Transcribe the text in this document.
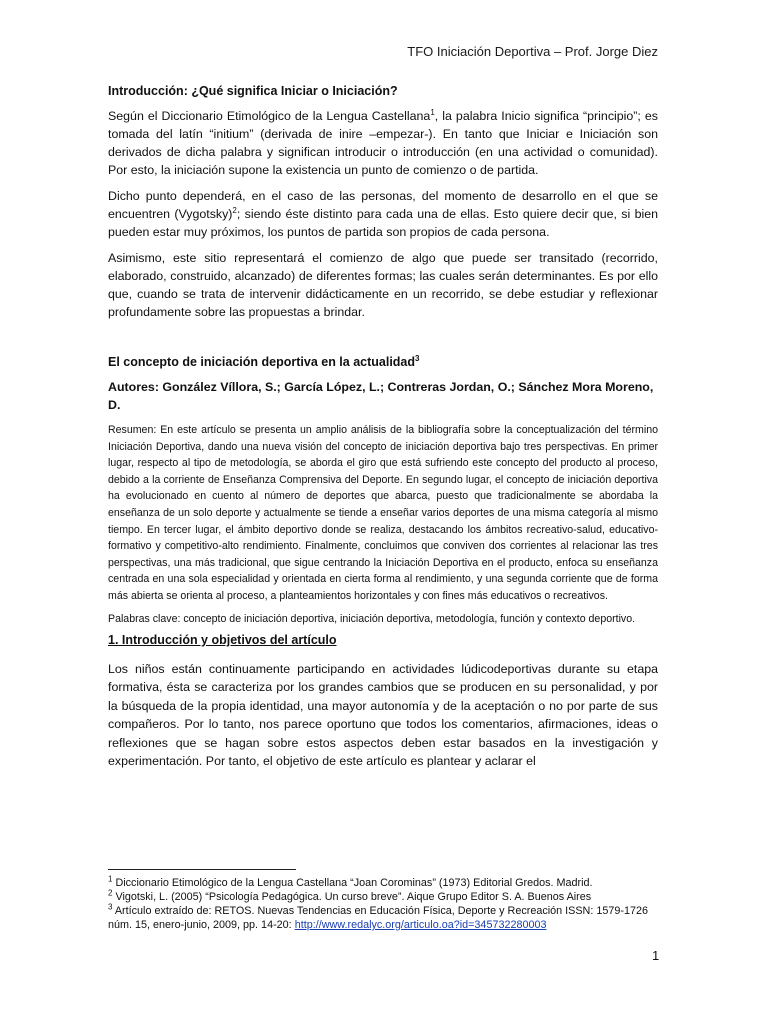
TFO Iniciación Deportiva – Prof. Jorge Diez
Introducción: ¿Qué significa Iniciar o Iniciación?

Según el Diccionario Etimológico de la Lengua Castellana$^1$, la palabra Inicio significa “principio”; es tomada del latín “initium” (derivada de inire –empezar-). En tanto que Iniciar e Iniciación son derivados de dicha palabra y significan introducir o introducción (en una actividad o comunidad). Por esto, la iniciación supone la existencia un punto de comienzo o de partida.

Dicho punto dependerá, en el caso de las personas, del momento de desarrollo en el que se encuentren (Vygotsky)$^2$; siendo éste distinto para cada una de ellas. Esto quiere decir que, si bien pueden estar muy próximos, los puntos de partida son propios de cada persona.

Asimismo, este sitio representará el comienzo de algo que puede ser transitado (recorrido, elaborado, construido, alcanzado) de diferentes formas; las cuales serán determinantes. Es por ello que, cuando se trata de intervenir didácticamente en un recorrido, se debe estudiar y reflexionar profundamente sobre las propuestas a brindar.

El concepto de iniciación deportiva en la actualidad$^3$
Autores: González Víllora, S.; García López, L.; Contreras Jordan, O.; Sánchez Mora Moreno, D.

Resumen: En este artículo se presenta un amplio análisis de la bibliografía sobre la conceptualización del término Iniciación Deportiva, dando una nueva visión del concepto de iniciación deportiva bajo tres perspectivas. En primer lugar, respecto al tipo de metodología, se aborda el giro que está sufriendo este concepto del producto al proceso, debido a la corriente de Enseñanza Comprensiva del Deporte. En segundo lugar, el concepto de iniciación deportiva ha evolucionado en cuento al número de deportes que abarca, puesto que tradicionalmente se abordaba la enseñanza de un solo deporte y actualmente se tiende a enseñar varios deportes de una misma categoría al mismo tiempo. En tercer lugar, el ámbito deportivo donde se realiza, destacando los ámbitos recreativo-salud, educativo-formativo y competitivo-alto rendimiento. Finalmente, concluimos que conviven dos corrientes al relacionar las tres perspectivas, una más tradicional, que sigue centrando la Iniciación Deportiva en el producto, enfoca su enseñanza centrada en una sola especialidad y orientada en cierta forma al rendimiento, y una segunda corriente que de forma más abierta se orienta al proceso, a planteamientos horizontales y con fines más educativos o recreativos.

Palabras clave: concepto de iniciación deportiva, iniciación deportiva, metodología, función y contexto deportivo.

1. Introducción y objetivos del artículo

Los niños están continuamente participando en actividades lúdicodeportivas durante su etapa formativa, ésta se caracteriza por los grandes cambios que se producen en su personalidad, y por la búsqueda de la propia identidad, una mayor autonomía y de la aceptación o no por parte de sus compañeros. Por lo tanto, nos parece oportuno que todos los comentarios, afirmaciones, ideas o reflexiones que se hagan sobre estos aspectos deben estar basados en la investigación y experimentación. Por tanto, el objetivo de este artículo es plantear y aclarar el

$^1$ Diccionario Etimológico de la Lengua Castellana “Joan Corominas” (1973) Editorial Gredos. Madrid.
$^2$ Vigotski, L. (2005) “Psicología Pedagógica. Un curso breve”. Aique Grupo Editor S. A. Buenos Aires
$^3$ Artículo extraído de: RETOS. Nuevas Tendencias en Educación Física, Deporte y Recreación ISSN: 1579-1726 núm. 15, enero-junio, 2009, pp. 14-20: http://www.redalyc.org/articulo.oa?id=345732280003
1
